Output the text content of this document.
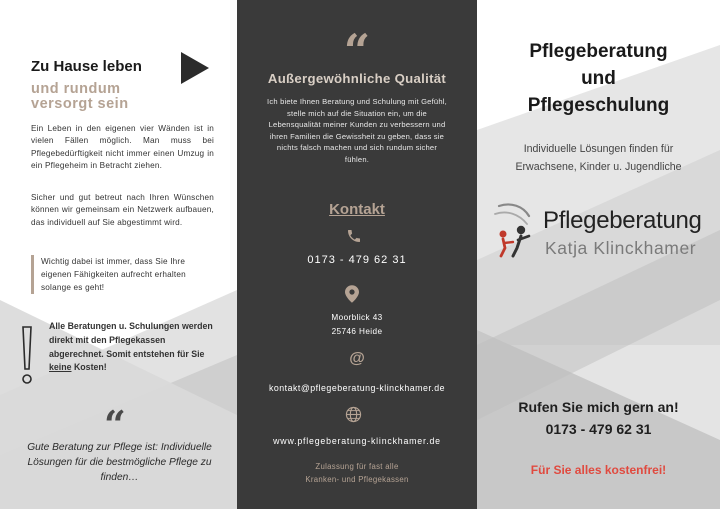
Zu Hause leben
und rundum versorgt sein
Ein Leben in den eigenen vier Wänden ist in vielen Fällen möglich. Man muss bei Pflegebedürftigkeit nicht immer einen Umzug in ein Pflegeheim in Betracht ziehen.
Sicher und gut betreut nach Ihren Wünschen können wir gemeinsam ein Netzwerk aufbauen, das individuell auf Sie abgestimmt wird.
Wichtig dabei ist immer, dass Sie Ihre eigenen Fähigkeiten aufrecht erhalten solange es geht!
Alle Beratungen u. Schulungen werden direkt mit den Pflegekassen abgerechnet. Somit entstehen für Sie keine Kosten!
“
Gute Beratung zur Pflege ist: Individuelle Lösungen für die bestmögliche Pflege zu finden…
“
Außergewöhnliche Qualität
Ich biete Ihnen Beratung und Schulung mit Gefühl, stelle mich auf die Situation ein, um die Lebensqualität meiner Kunden zu verbessern und ihren Familien die Gewissheit zu geben, dass sie nichts falsch machen und sich rundum sicher fühlen.
Kontakt
0173 - 479 62 31
Moorblick 43
25746 Heide
@
kontakt@pflegeberatung-klinckhamer.de
www.pflegeberatung-klinckhamer.de
Zulassung für fast alle
Kranken- und Pflegekassen
Pflegeberatung
und
Pflegeschulung
Individuelle Lösungen finden für
Erwachsene, Kinder u. Jugendliche
Pflegeberatung
Katja Klinckhamer
Rufen Sie mich gern an!
0173 - 479 62 31
Für Sie alles kostenfrei!
